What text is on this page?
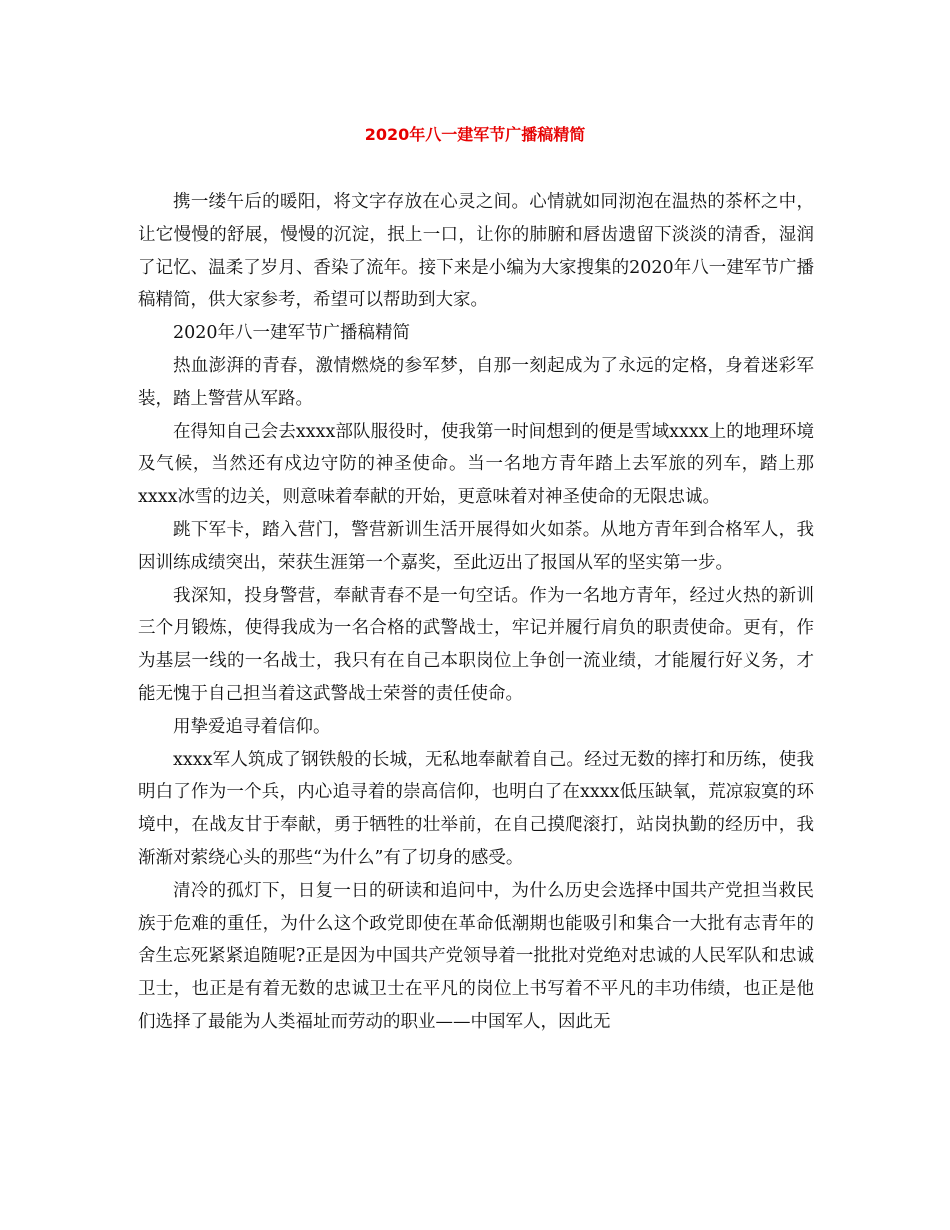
2020年八一建军节广播稿精简

携一缕午后的暖阳，将文字存放在心灵之间。心情就如同沏泡在温热的茶杯之中，让它慢慢的舒展，慢慢的沉淀，抿上一口，让你的肺腑和唇齿遗留下淡淡的清香，湿润了记忆、温柔了岁月、香染了流年。接下来是小编为大家搜集的2020年八一建军节广播稿精简，供大家参考，希望可以帮助到大家。

2020年八一建军节广播稿精简

热血澎湃的青春，激情燃烧的参军梦，自那一刻起成为了永远的定格，身着迷彩军装，踏上警营从军路。

在得知自己会去xxxx部队服役时，使我第一时间想到的便是雪域xxxx上的地理环境及气候，当然还有戍边守防的神圣使命。当一名地方青年踏上去军旅的列车，踏上那xxxx冰雪的边关，则意味着奉献的开始，更意味着对神圣使命的无限忠诚。

跳下军卡，踏入营门，警营新训生活开展得如火如荼。从地方青年到合格军人，我因训练成绩突出，荣获生涯第一个嘉奖，至此迈出了报国从军的坚实第一步。

我深知，投身警营，奉献青春不是一句空话。作为一名地方青年，经过火热的新训三个月锻炼，使得我成为一名合格的武警战士，牢记并履行肩负的职责使命。更有，作为基层一线的一名战士，我只有在自己本职岗位上争创一流业绩，才能履行好义务，才能无愧于自己担当着这武警战士荣誉的责任使命。

用挚爱追寻着信仰。

xxxx军人筑成了钢铁般的长城，无私地奉献着自己。经过无数的摔打和历练，使我明白了作为一个兵，内心追寻着的崇高信仰，也明白了在xxxx低压缺氧，荒凉寂寞的环境中，在战友甘于奉献，勇于牺牲的壮举前，在自己摸爬滚打，站岗执勤的经历中，我渐渐对萦绕心头的那些“为什么”有了切身的感受。

清冷的孤灯下，日复一日的研读和追问中，为什么历史会选择中国共产党担当救民族于危难的重任，为什么这个政党即使在革命低潮期也能吸引和集合一大批有志青年的舍生忘死紧紧追随呢?正是因为中国共产党领导着一批批对党绝对忠诚的人民军队和忠诚卫士，也正是有着无数的忠诚卫士在平凡的岗位上书写着不平凡的丰功伟绩，也正是他们选择了最能为人类福址而劳动的职业——中国军人，因此无
